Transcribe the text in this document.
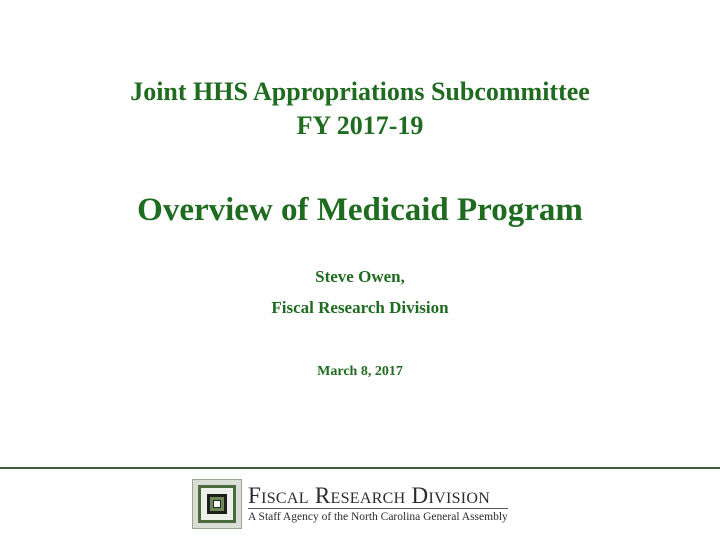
Joint HHS Appropriations Subcommittee
FY 2017-19
Overview of Medicaid Program
Steve Owen,
Fiscal Research Division
March 8, 2017
Fiscal Research Division
A Staff Agency of the North Carolina General Assembly
